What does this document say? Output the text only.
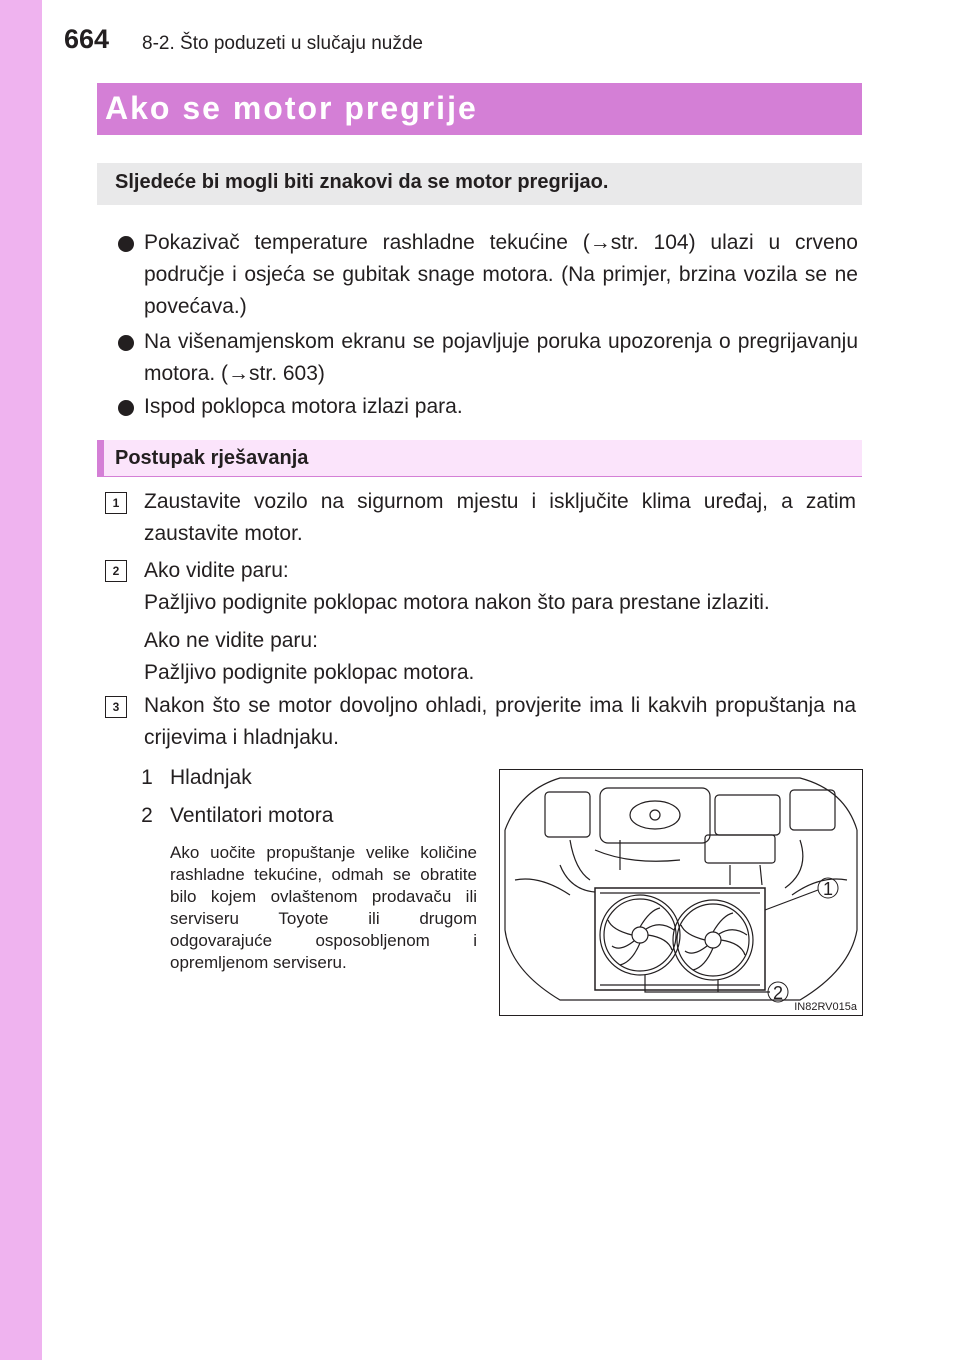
664 8-2. Što poduzeti u slučaju nužde
Ako se motor pregrije
Sljedeće bi mogli biti znakovi da se motor pregrijao.
Pokazivač temperature rashladne tekućine (→str. 104) ulazi u crveno područje i osjeća se gubitak snage motora. (Na primjer, brzina vozila se ne povećava.)
Na višenamjenskom ekranu se pojavljuje poruka upozorenja o pregrijavanju motora. (→str. 603)
Ispod poklopca motora izlazi para.
Postupak rješavanja
1	Zaustavite vozilo na sigurnom mjestu i isključite klima uređaj, a zatim zaustavite motor.
2	Ako vidite paru:
Pažljivo podignite poklopac motora nakon što para prestane izlaziti.
Ako ne vidite paru:
Pažljivo podignite poklopac motora.
3	Nakon što se motor dovoljno ohladi, provjerite ima li kakvih propuštanja na crijevima i hladnjaku.
1 Hladnjak
2 Ventilatori motora
Ako uočite propuštanje velike količine rashladne tekućine, odmah se obratite bilo kojem ovlaštenom prodavaču ili serviseru Toyote ili drugom odgovarajuće osposobljenom i opremljenom serviseru.
1
2
IN82RV015a
